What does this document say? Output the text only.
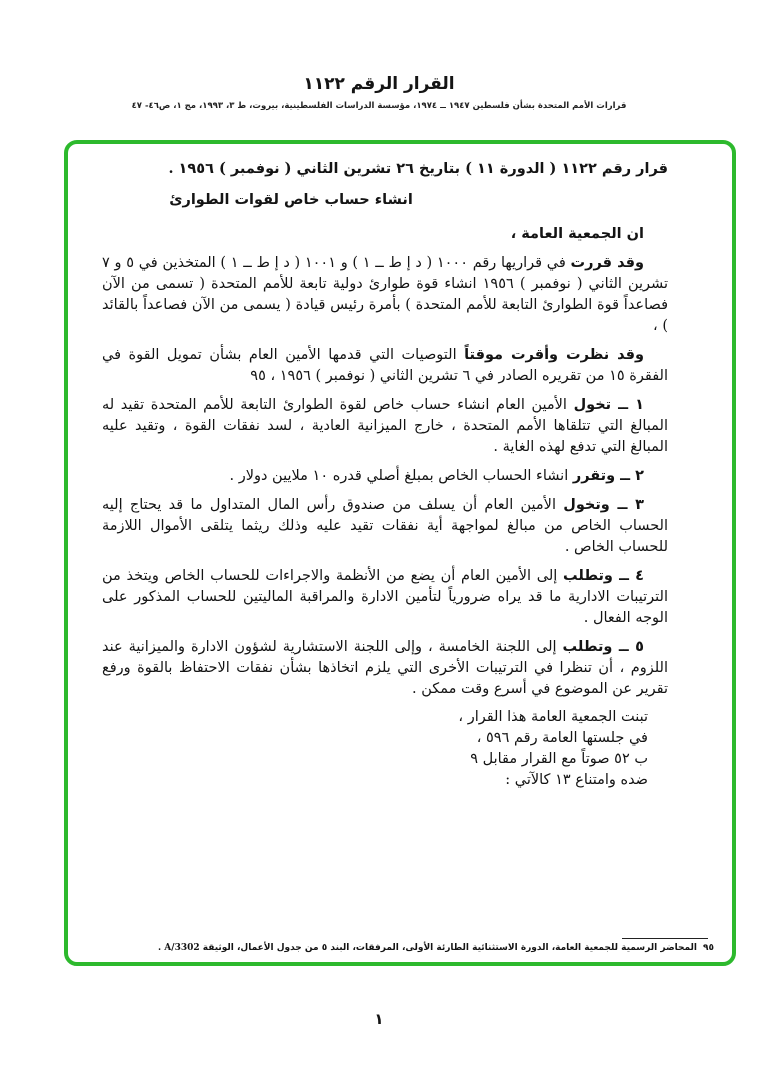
القرار الرقم ١١٢٢
قرارات الأمم المتحدة بشأن فلسطين ١٩٤٧ ــ ١٩٧٤، مؤسسة الدراسات الفلسطينية، بيروت، ط ٣، ١٩٩٣، مج ١، ص٤٦- ٤٧

قرار رقم ١١٢٢ ( الدورة ١١ ) بتاريخ ٢٦ تشرين الثاني ( نوفمبر ) ١٩٥٦ .

انشاء حساب خاص لقوات الطوارئ

ان الجمعية العامة ،

وقد قررت في قراريها رقم ١٠٠٠ ( د إ ط ــ ١ ) و ١٠٠١ ( د إ ط ــ ١ ) المتخذين في ٥ و ٧ تشرين الثاني ( نوفمبر ) ١٩٥٦ انشاء قوة طوارئ دولية تابعة للأمم المتحدة ( تسمى من الآن فصاعداً قوة الطوارئ التابعة للأمم المتحدة ) بأمرة رئيس قيادة ( يسمى من الآن فصاعداً بالقائد ) ،

وقد نظرت وأقرت موقتاً التوصيات التي قدمها الأمين العام بشأن تمويل القوة في الفقرة ١٥ من تقريره الصادر في ٦ تشرين الثاني ( نوفمبر ) ١٩٥٦ ، ٩٥

١ ــ تخول الأمين العام انشاء حساب خاص لقوة الطوارئ التابعة للأمم المتحدة تقيد له المبالغ التي تتلقاها الأمم المتحدة ، خارج الميزانية العادية ، لسد نفقات القوة ، وتقيد عليه المبالغ التي تدفع لهذه الغاية .

٢ ــ وتقرر انشاء الحساب الخاص بمبلغ أصلي قدره ١٠ ملايين دولار .

٣ ــ وتخول الأمين العام أن يسلف من صندوق رأس المال المتداول ما قد يحتاج إليه الحساب الخاص من مبالغ لمواجهة أية نفقات تقيد عليه وذلك ريثما يتلقى الأموال اللازمة للحساب الخاص .

٤ ــ وتطلب إلى الأمين العام أن يضع من الأنظمة والاجراءات للحساب الخاص ويتخذ من الترتيبات الادارية ما قد يراه ضرورياً لتأمين الادارة والمراقبة الماليتين للحساب المذكور على الوجه الفعال .

٥ ــ وتطلب إلى اللجنة الخامسة ، وإلى اللجنة الاستشارية لشؤون الادارة والميزانية عند اللزوم ، أن تنظرا في الترتيبات الأخرى التي يلزم اتخاذها بشأن نفقات الاحتفاظ بالقوة ورفع تقرير عن الموضوع في أسرع وقت ممكن .

تبنت الجمعية العامة هذا القرار ،

في جلستها العامة رقم ٥٩٦ ،

ب ٥٢ صوتاً مع القرار مقابل ٩

ضده وامتناع ١٣ كالآتي :

٩٥المحاضر الرسمية للجمعية العامة، الدورة الاستثنائية الطارئة الأولى، المرفقات، البند ٥ من جدول الأعمال، الوثيقة A/3302 .
١
